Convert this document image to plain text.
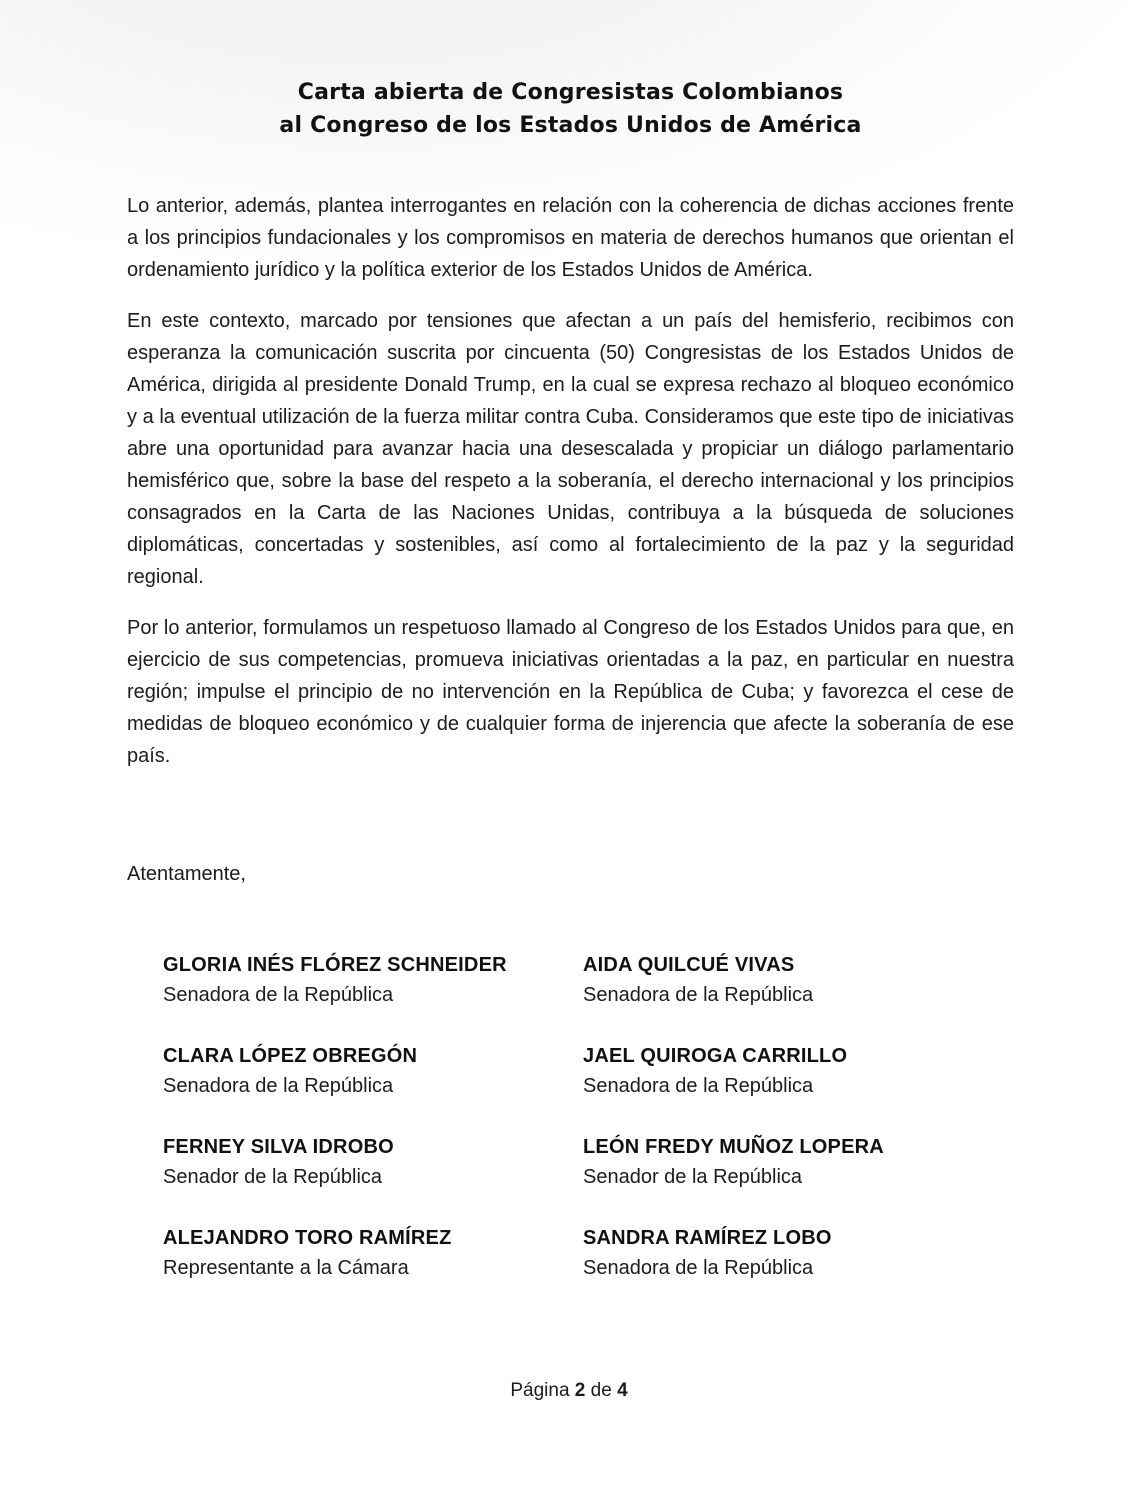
Carta abierta de Congresistas Colombianos
al Congreso de los Estados Unidos de América

Lo anterior, además, plantea interrogantes en relación con la coherencia de dichas acciones frente a los principios fundacionales y los compromisos en materia de derechos humanos que orientan el ordenamiento jurídico y la política exterior de los Estados Unidos de América.

En este contexto, marcado por tensiones que afectan a un país del hemisferio, recibimos con esperanza la comunicación suscrita por cincuenta (50) Congresistas de los Estados Unidos de América, dirigida al presidente Donald Trump, en la cual se expresa rechazo al bloqueo económico y a la eventual utilización de la fuerza militar contra Cuba. Consideramos que este tipo de iniciativas abre una oportunidad para avanzar hacia una desescalada y propiciar un diálogo parlamentario hemisférico que, sobre la base del respeto a la soberanía, el derecho internacional y los principios consagrados en la Carta de las Naciones Unidas, contribuya a la búsqueda de soluciones diplomáticas, concertadas y sostenibles, así como al fortalecimiento de la paz y la seguridad regional.

Por lo anterior, formulamos un respetuoso llamado al Congreso de los Estados Unidos para que, en ejercicio de sus competencias, promueva iniciativas orientadas a la paz, en particular en nuestra región; impulse el principio de no intervención en la República de Cuba; y favorezca el cese de medidas de bloqueo económico y de cualquier forma de injerencia que afecte la soberanía de ese país.

Atentamente,
GLORIA INÉS FLÓREZ SCHNEIDER
Senadora de la República
AIDA QUILCUÉ VIVAS
Senadora de la República
CLARA LÓPEZ OBREGÓN
Senadora de la República
JAEL QUIROGA CARRILLO
Senadora de la República
FERNEY SILVA IDROBO
Senador de la República
LEÓN FREDY MUÑOZ LOPERA
Senador de la República
ALEJANDRO TORO RAMÍREZ
Representante a la Cámara
SANDRA RAMÍREZ LOBO
Senadora de la República
Página 2 de 4
